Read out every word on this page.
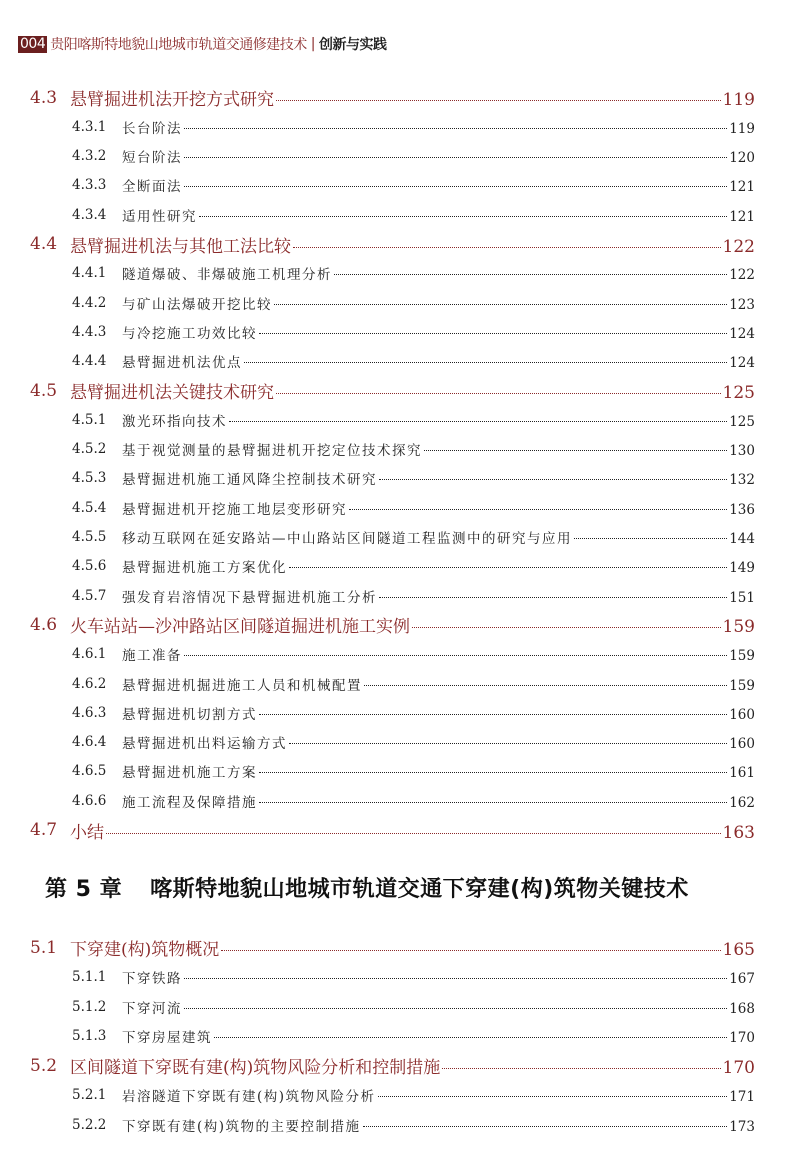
004 贵阳喀斯特地貌山地城市轨道交通修建技术 | 创新与实践
4.3 悬臂掘进机法开挖方式研究	119
4.3.1 长台阶法	119
4.3.2 短台阶法	120
4.3.3 全断面法	121
4.3.4 适用性研究	121
4.4 悬臂掘进机法与其他工法比较	122
4.4.1 隧道爆破、非爆破施工机理分析	122
4.4.2 与矿山法爆破开挖比较	123
4.4.3 与冷挖施工功效比较	124
4.4.4 悬臂掘进机法优点	124
4.5 悬臂掘进机法关键技术研究	125
4.5.1 激光环指向技术	125
4.5.2 基于视觉测量的悬臂掘进机开挖定位技术探究	130
4.5.3 悬臂掘进机施工通风降尘控制技术研究	132
4.5.4 悬臂掘进机开挖施工地层变形研究	136
4.5.5 移动互联网在延安路站—中山路站区间隧道工程监测中的研究与应用	144
4.5.6 悬臂掘进机施工方案优化	149
4.5.7 强发育岩溶情况下悬臂掘进机施工分析	151
4.6 火车站站—沙冲路站区间隧道掘进机施工实例	159
4.6.1 施工准备	159
4.6.2 悬臂掘进机掘进施工人员和机械配置	159
4.6.3 悬臂掘进机切割方式	160
4.6.4 悬臂掘进机出料运输方式	160
4.6.5 悬臂掘进机施工方案	161
4.6.6 施工流程及保障措施	162
4.7 小结	163
第 5 章 喀斯特地貌山地城市轨道交通下穿建(构)筑物关键技术
5.1 下穿建(构)筑物概况	165
5.1.1 下穿铁路	167
5.1.2 下穿河流	168
5.1.3 下穿房屋建筑	170
5.2 区间隧道下穿既有建(构)筑物风险分析和控制措施	170
5.2.1 岩溶隧道下穿既有建(构)筑物风险分析	171
5.2.2 下穿既有建(构)筑物的主要控制措施	173
